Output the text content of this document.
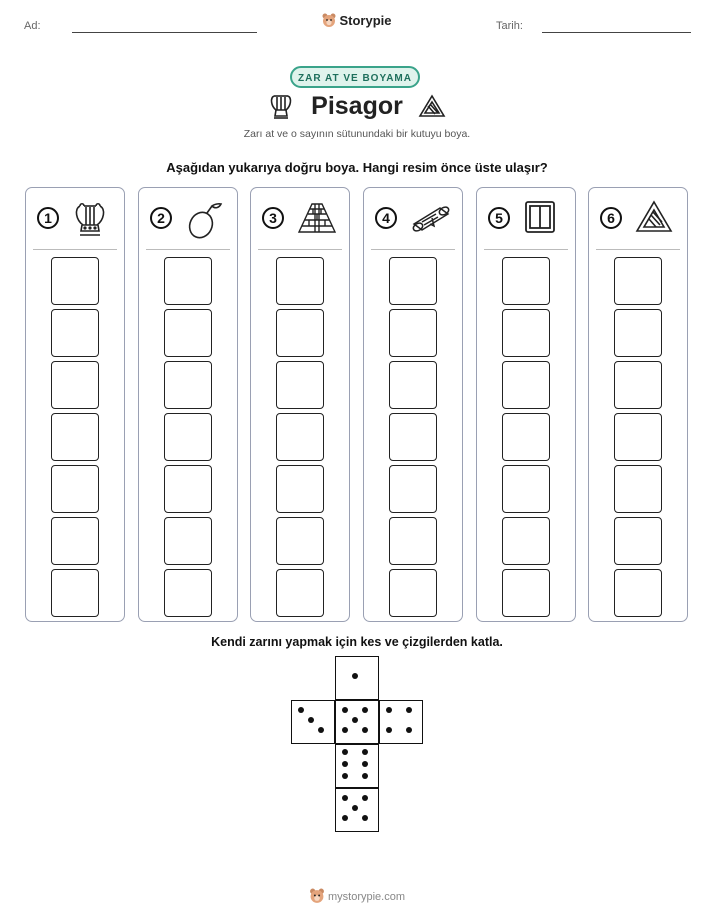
Ad:	Storypie	Tarih:
ZAR AT VE BOYAMA
Pisagor
Zarı at ve o sayının sütunundaki bir kutuyu boya.
Aşağıdan yukarıya doğru boya. Hangi resim önce üste ulaşır?
1	2	3	4	5	6
Kendi zarını yapmak için kes ve çizgilerden katla.
mystorypie.com
